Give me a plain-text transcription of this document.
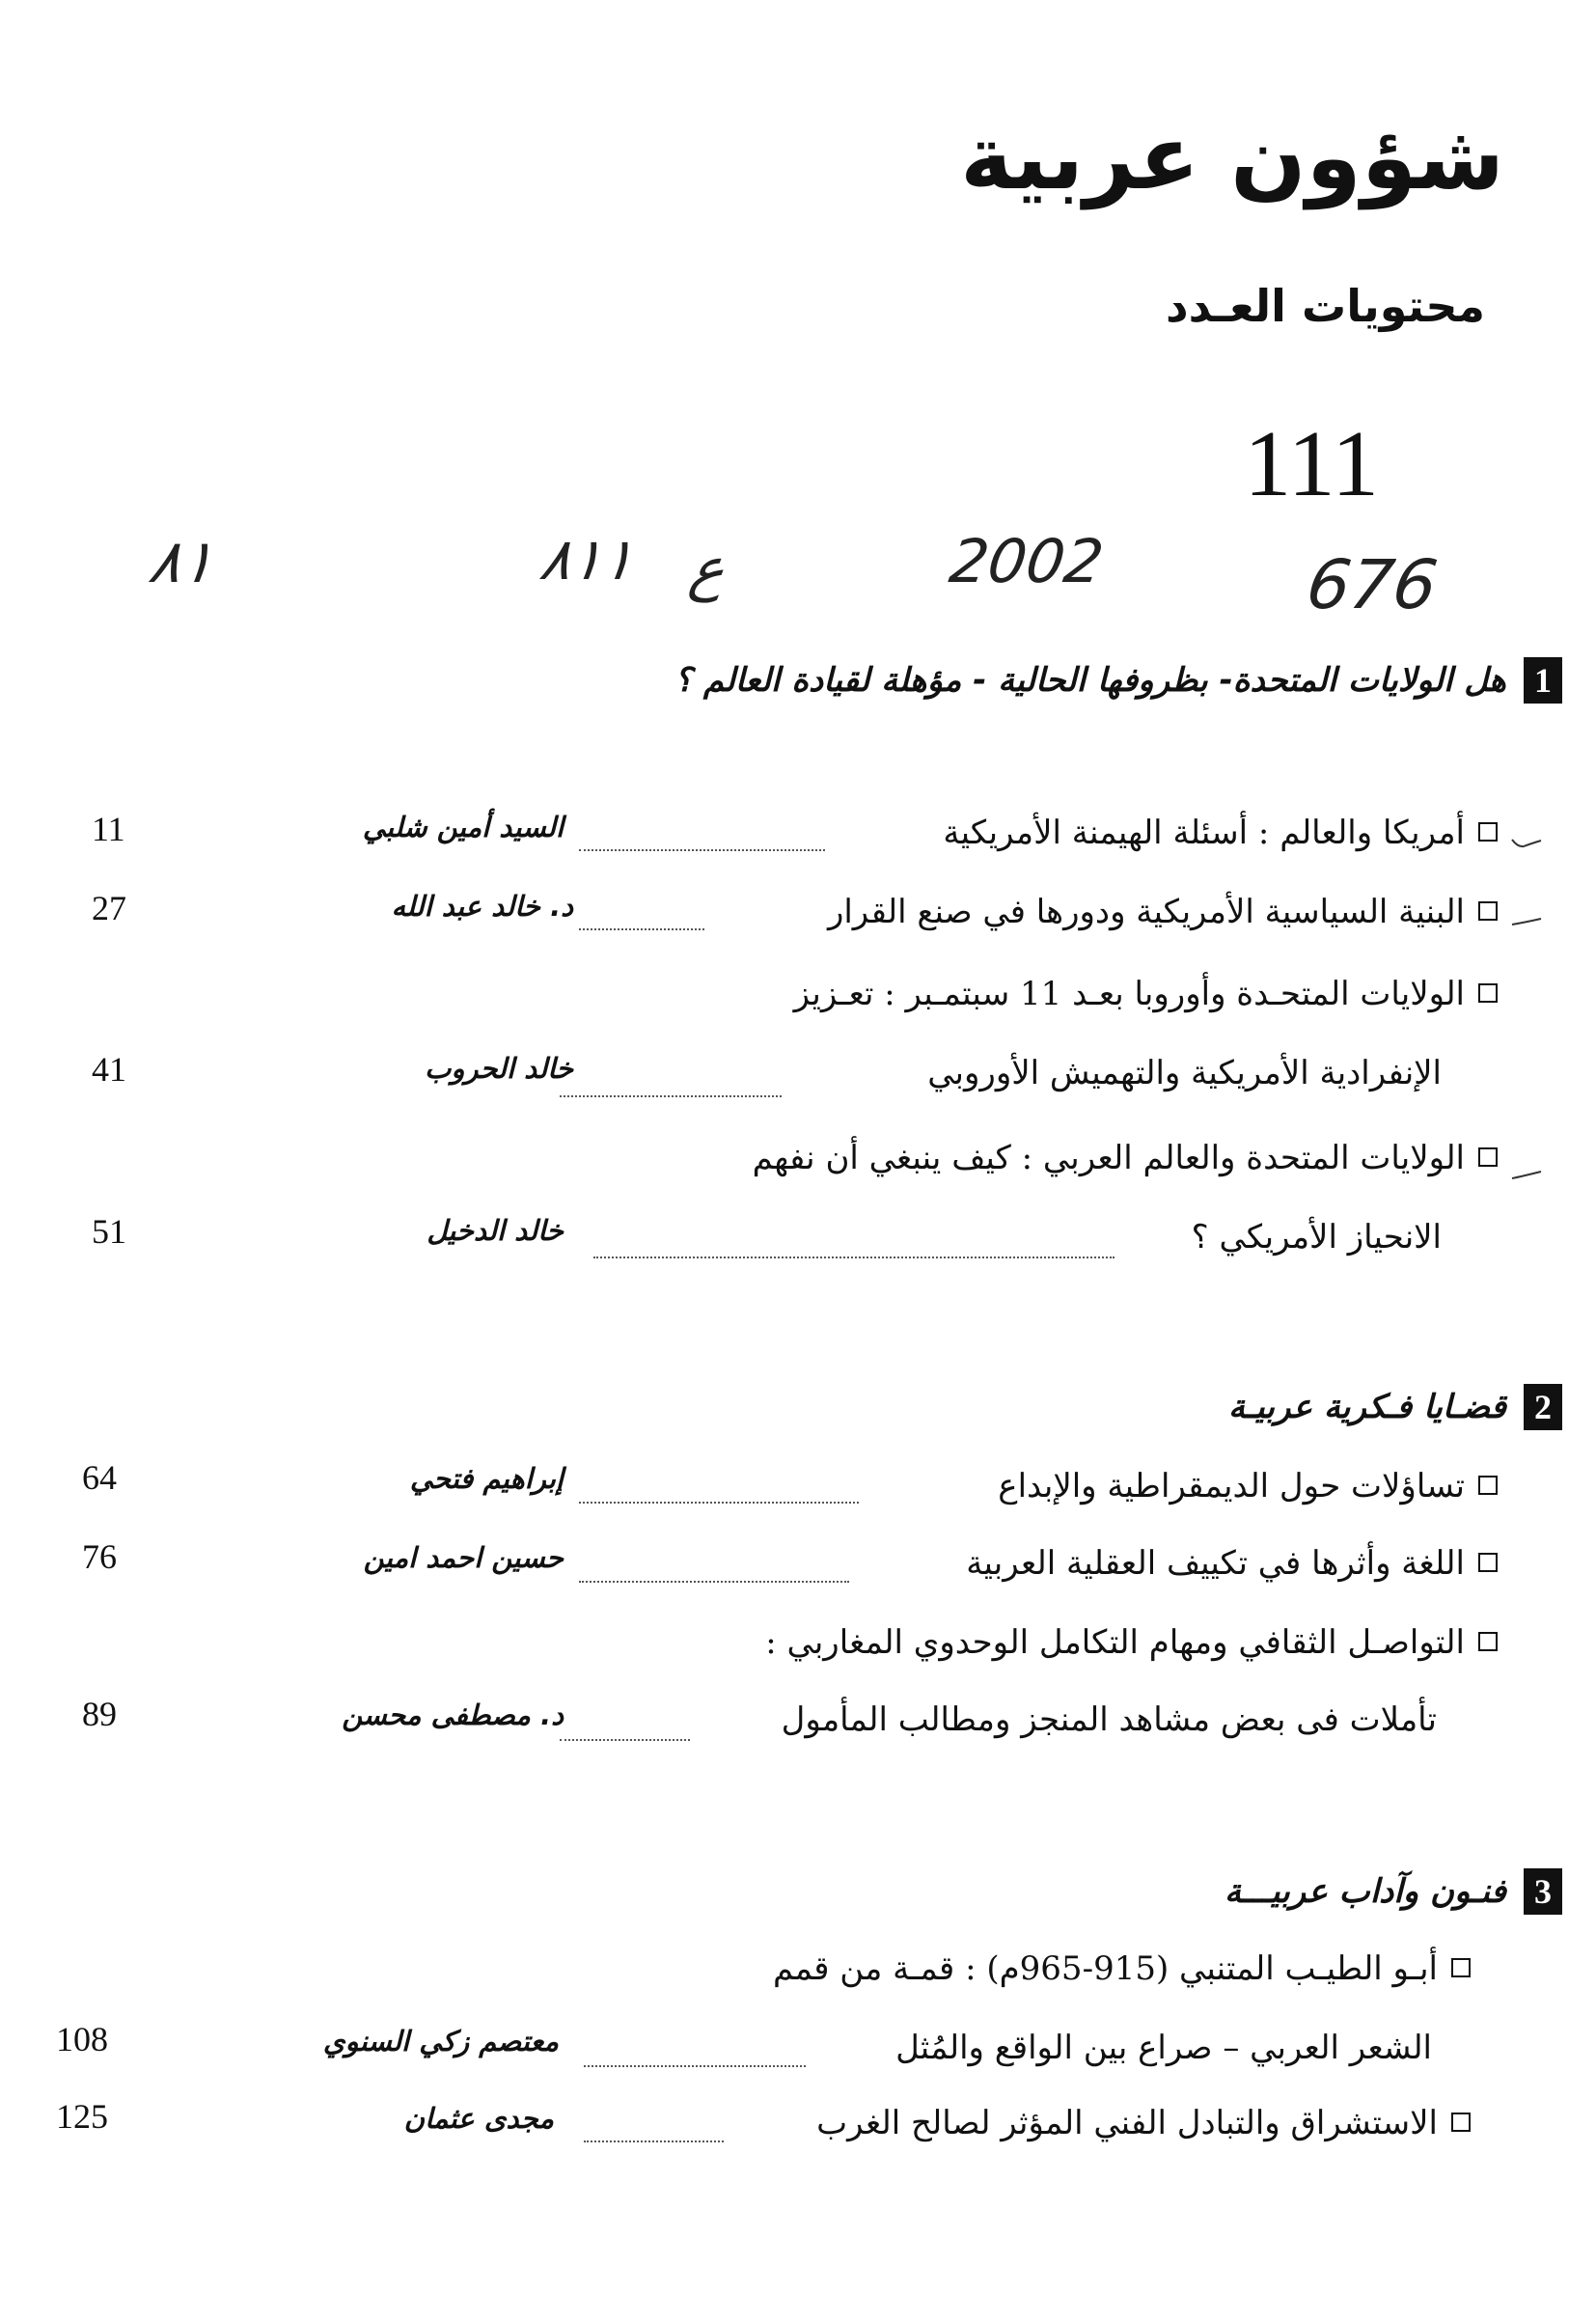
شؤون عربية
محتويات العـدد
111
676
2002
ع
٨١١
٨١
1
هل الولايات المتحدة- بظروفها الحالية - مؤهلة لقيادة العالم ؟
أمريكا والعالم : أسئلة الهيمنة الأمريكية
السيد أمين شلبي
11
البنية السياسية الأمريكية ودورها في صنع القرار
د. خالد عبد الله
27
الولايات المتحـدة وأوروبا بعـد 11 سبتمـبر : تعـزيز
الإنفرادية الأمريكية والتهميش الأوروبي
خالد الحروب
41
الولايات المتحدة والعالم العربي : كيف ينبغي أن نفهم
الانحياز الأمريكي ؟
خالد الدخيل
51
2
قضـايا فـكرية عربيـة
تساؤلات حول الديمقراطية والإبداع
إبراهيم فتحي
64
اللغة وأثرها في تكييف العقلية العربية
حسين احمد امين
76
التواصـل الثقافي ومهام التكامل الوحدوي المغاربي :
تأملات فى بعض مشاهد المنجز ومطالب المأمول
د. مصطفى محسن
89
3
فنـون وآداب عربيـــة
أبـو الطيـب المتنبي (915-965م) : قمـة من قمم
الشعر العربي – صراع بين الواقع والمُثل
معتصم زكي السنوي
108
الاستشراق والتبادل الفني المؤثر لصالح الغرب
مجدى عثمان
125
